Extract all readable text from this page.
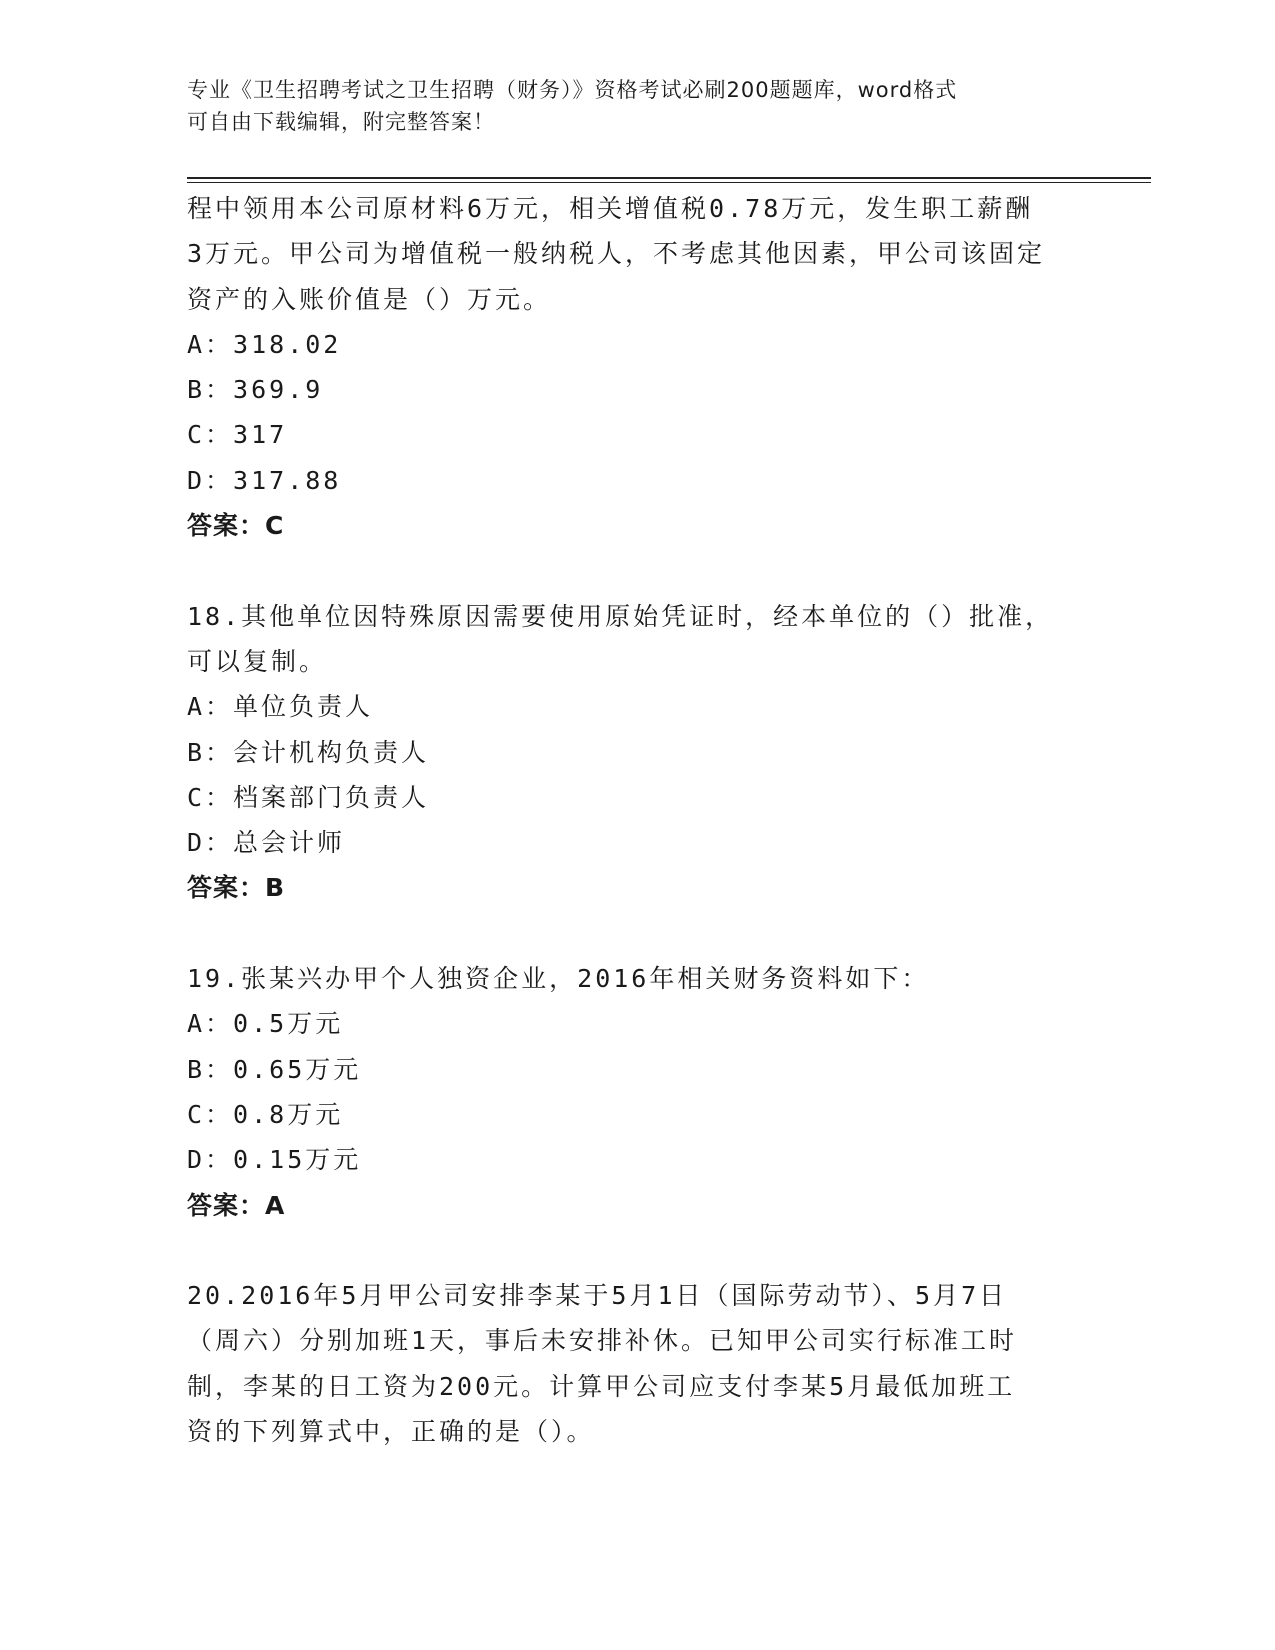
专业《卫生招聘考试之卫生招聘（财务）》资格考试必刷200题题库，word格式
可自由下载编辑，附完整答案！
程中领用本公司原材料6万元，相关增值税0.78万元，发生职工薪酬
3万元。甲公司为增值税一般纳税人，不考虑其他因素，甲公司该固定
资产的入账价值是（）万元。
A：318.02
B：369.9
C：317
D：317.88
答案：C
18.其他单位因特殊原因需要使用原始凭证时，经本单位的（）批准，
可以复制。
A：单位负责人
B：会计机构负责人
C：档案部门负责人
D：总会计师
答案：B
19.张某兴办甲个人独资企业，2016年相关财务资料如下：
A：0.5万元
B：0.65万元
C：0.8万元
D：0.15万元
答案：A
20.2016年5月甲公司安排李某于5月1日（国际劳动节）、5月7日
（周六）分别加班1天，事后未安排补休。已知甲公司实行标准工时
制，李某的日工资为200元。计算甲公司应支付李某5月最低加班工
资的下列算式中，正确的是（）。
